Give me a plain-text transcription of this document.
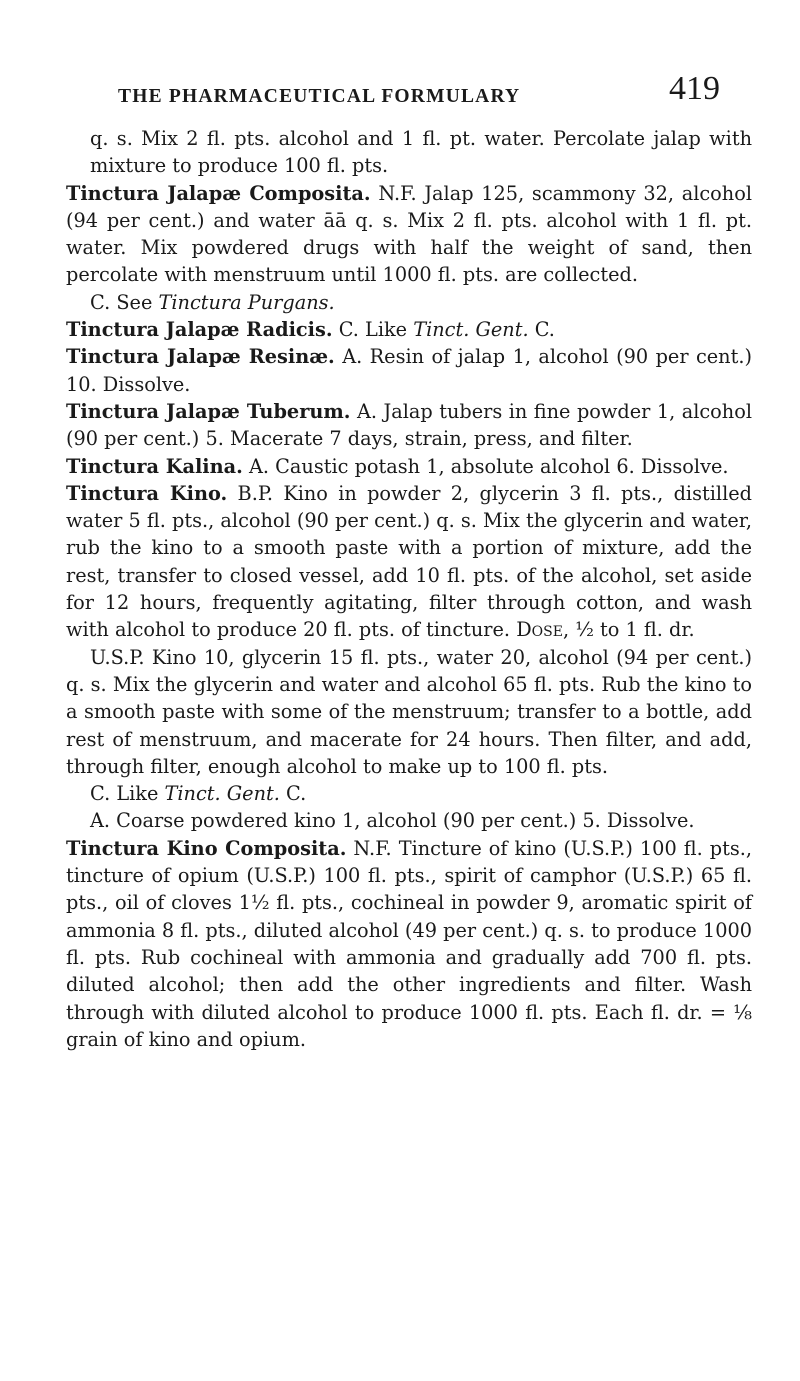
THE PHARMACEUTICAL FORMULARY	419

q. s. Mix 2 fl. pts. alcohol and 1 fl. pt. water. Percolate jalap with mixture to produce 100 fl. pts.

Tinctura Jalapæ Composita. N.F. Jalap 125, scammony 32, alcohol (94 per cent.) and water āā q. s. Mix 2 fl. pts. alcohol with 1 fl. pt. water. Mix powdered drugs with half the weight of sand, then percolate with menstruum until 1000 fl. pts. are collected.
C. See Tinctura Purgans.

Tinctura Jalapæ Radicis. C. Like Tinct. Gent. C.

Tinctura Jalapæ Resinæ. A. Resin of jalap 1, alcohol (90 per cent.) 10. Dissolve.

Tinctura Jalapæ Tuberum. A. Jalap tubers in fine powder 1, alcohol (90 per cent.) 5. Macerate 7 days, strain, press, and filter.

Tinctura Kalina. A. Caustic potash 1, absolute alcohol 6. Dissolve.

Tinctura Kino. B.P. Kino in powder 2, glycerin 3 fl. pts., distilled water 5 fl. pts., alcohol (90 per cent.) q. s. Mix the glycerin and water, rub the kino to a smooth paste with a portion of mixture, add the rest, transfer to closed vessel, add 10 fl. pts. of the alcohol, set aside for 12 hours, frequently agitating, filter through cotton, and wash with alcohol to produce 20 fl. pts. of tincture. Dose, ½ to 1 fl. dr.

U.S.P. Kino 10, glycerin 15 fl. pts., water 20, alcohol (94 per cent.) q. s. Mix the glycerin and water and alcohol 65 fl. pts. Rub the kino to a smooth paste with some of the menstruum; transfer to a bottle, add rest of menstruum, and macerate for 24 hours. Then filter, and add, through filter, enough alcohol to make up to 100 fl. pts.

C. Like Tinct. Gent. C.

A. Coarse powdered kino 1, alcohol (90 per cent.) 5. Dissolve.

Tinctura Kino Composita. N.F. Tincture of kino (U.S.P.) 100 fl. pts., tincture of opium (U.S.P.) 100 fl. pts., spirit of camphor (U.S.P.) 65 fl. pts., oil of cloves 1½ fl. pts., cochineal in powder 9, aromatic spirit of ammonia 8 fl. pts., diluted alcohol (49 per cent.) q. s. to produce 1000 fl. pts. Rub cochineal with ammonia and gradually add 700 fl. pts. diluted alcohol; then add the other ingredients and filter. Wash through with diluted alcohol to produce 1000 fl. pts. Each fl. dr. = ⅛ grain of kino and opium.
